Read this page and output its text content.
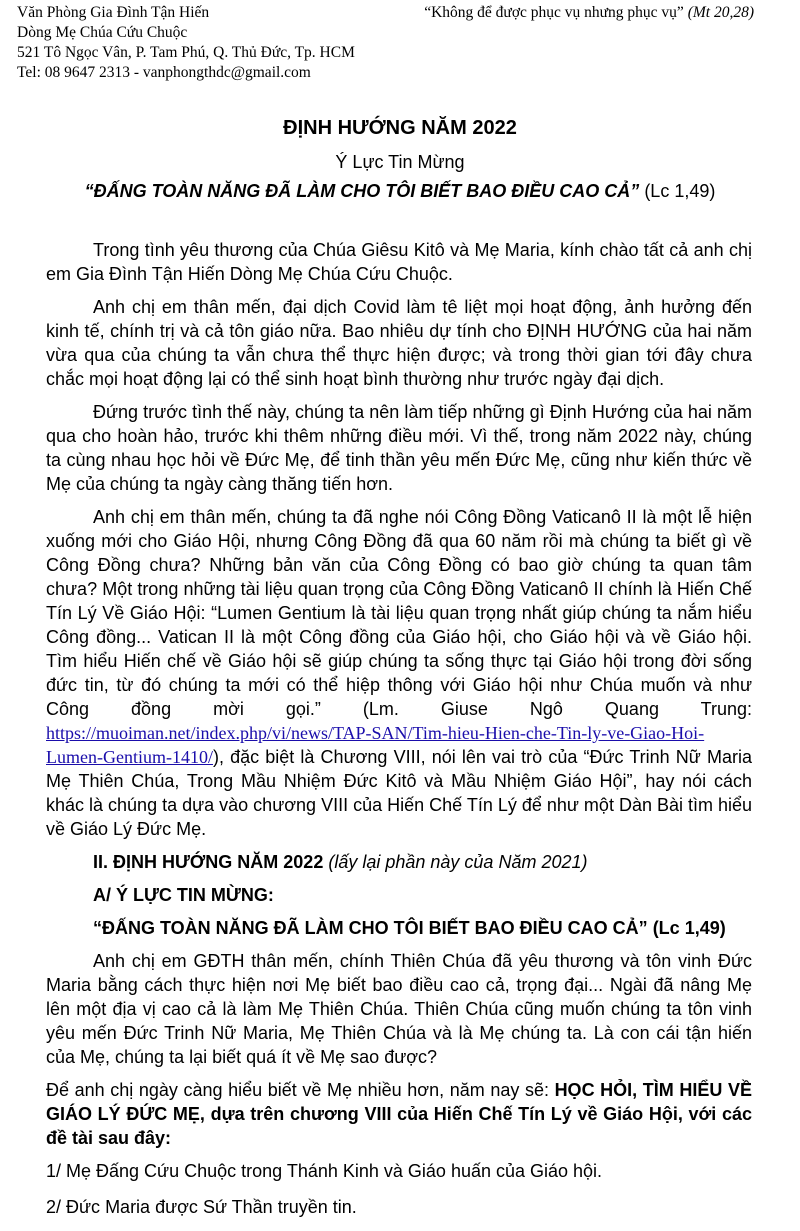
Văn Phòng Gia Đình Tận Hiến
Dòng Mẹ Chúa Cứu Chuộc
521 Tô Ngọc Vân, P. Tam Phú, Q. Thủ Đức, Tp. HCM
Tel: 08 9647 2313 - vanphongthdc@gmail.com
“Không để được phục vụ nhưng phục vụ” (Mt 20,28)
ĐỊNH HƯỚNG NĂM 2022
Ý Lực Tin Mừng
“ĐẤNG TOÀN NĂNG ĐÃ LÀM CHO TÔI BIẾT BAO ĐIỀU CAO CẢ” (Lc 1,49)

Trong tình yêu thương của Chúa Giêsu Kitô và Mẹ Maria, kính chào tất cả anh chị em Gia Đình Tận Hiến Dòng Mẹ Chúa Cứu Chuộc.

Anh chị em thân mến, đại dịch Covid làm tê liệt mọi hoạt động, ảnh hưởng đến kinh tế, chính trị và cả tôn giáo nữa. Bao nhiêu dự tính cho ĐỊNH HƯỚNG của hai năm vừa qua của chúng ta vẫn chưa thể thực hiện được; và trong thời gian tới đây chưa chắc mọi hoạt động lại có thể sinh hoạt bình thường như trước ngày đại dịch.

Đứng trước tình thế này, chúng ta nên làm tiếp những gì Định Hướng của hai năm qua cho hoàn hảo, trước khi thêm những điều mới. Vì thế, trong năm 2022 này, chúng ta cùng nhau học hỏi về Đức Mẹ, để tinh thần yêu mến Đức Mẹ, cũng như kiến thức về Mẹ của chúng ta ngày càng thăng tiến hơn.

Anh chị em thân mến, chúng ta đã nghe nói Công Đồng Vaticanô II là một lễ hiện xuống mới cho Giáo Hội, nhưng Công Đồng đã qua 60 năm rồi mà chúng ta biết gì về Công Đồng chưa? Những bản văn của Công Đồng có bao giờ chúng ta quan tâm chưa? Một trong những tài liệu quan trọng của Công Đồng Vaticanô II chính là Hiến Chế Tín Lý Về Giáo Hội: “Lumen Gentium là tài liệu quan trọng nhất giúp chúng ta nắm hiểu Công đồng... Vatican II là một Công đồng của Giáo hội, cho Giáo hội và về Giáo hội. Tìm hiểu Hiến chế về Giáo hội sẽ giúp chúng ta sống thực tại Giáo hội trong đời sống đức tin, từ đó chúng ta mới có thể hiệp thông với Giáo hội như Chúa muốn và như Công đồng mời gọi.” (Lm. Giuse Ngô Quang Trung: https://muoiman.net/index.php/vi/news/TAP-SAN/Tim-hieu-Hien-che-Tin-ly-ve-Giao-Hoi-Lumen-Gentium-1410/), đặc biệt là Chương VIII, nói lên vai trò của “Đức Trinh Nữ Maria Mẹ Thiên Chúa, Trong Mầu Nhiệm Đức Kitô và Mầu Nhiệm Giáo Hội”, hay nói cách khác là chúng ta dựa vào chương VIII của Hiến Chế Tín Lý để như một Dàn Bài tìm hiểu về Giáo Lý Đức Mẹ.

II. ĐỊNH HƯỚNG NĂM 2022 (lấy lại phần này của Năm 2021)
A/ Ý LỰC TIN MỪNG:
“ĐẤNG TOÀN NĂNG ĐÃ LÀM CHO TÔI BIẾT BAO ĐIỀU CAO CẢ” (Lc 1,49)

Anh chị em GĐTH thân mến, chính Thiên Chúa đã yêu thương và tôn vinh Đức Maria bằng cách thực hiện nơi Mẹ biết bao điều cao cả, trọng đại... Ngài đã nâng Mẹ lên một địa vị cao cả là làm Mẹ Thiên Chúa. Thiên Chúa cũng muốn chúng ta tôn vinh yêu mến Đức Trinh Nữ Maria, Mẹ Thiên Chúa và là Mẹ chúng ta. Là con cái tận hiến của Mẹ, chúng ta lại biết quá ít về Mẹ sao được?

Để anh chị ngày càng hiểu biết về Mẹ nhiều hơn, năm nay sẽ: HỌC HỎI, TÌM HIỂU VỀ GIÁO LÝ ĐỨC MẸ, dựa trên chương VIII của Hiến Chế Tín Lý về Giáo Hội, với các đề tài sau đây:

1/ Mẹ Đấng Cứu Chuộc trong Thánh Kinh và Giáo huấn của Giáo hội.
2/ Đức Maria được Sứ Thần truyền tin.
